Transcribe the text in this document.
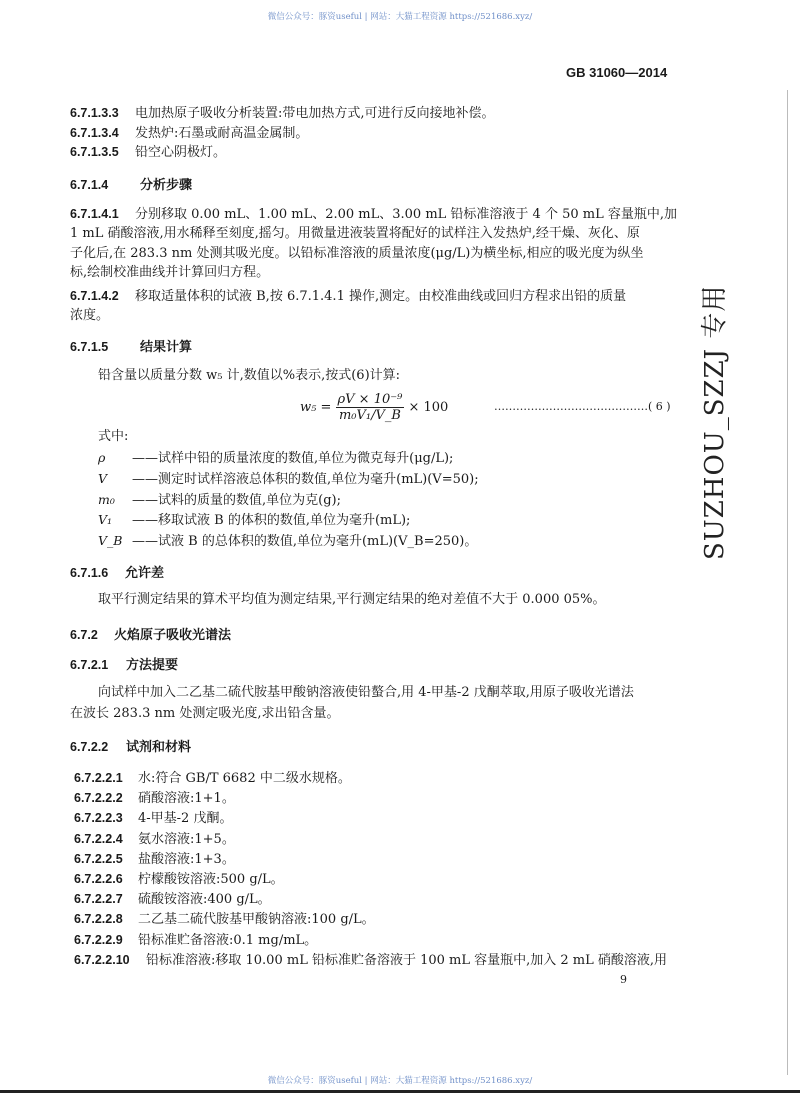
微信公众号：豚资useful | 网站：大猫工程资源 https://521686.xyz/
GB 31060—2014
6.7.1.3.3 电加热原子吸收分析装置:带电加热方式,可进行反向接地补偿。
6.7.1.3.4 发热炉:石墨或耐高温金属制。
6.7.1.3.5 铅空心阴极灯。
6.7.1.4 分析步骤
6.7.1.4.1 分别移取 0.00 mL、1.00 mL、2.00 mL、3.00 mL 铅标准溶液于 4 个 50 mL 容量瓶中,加
1 mL 硝酸溶液,用水稀释至刻度,摇匀。用微量进液装置将配好的试样注入发热炉,经干燥、灰化、原
子化后,在 283.3 nm 处测其吸光度。以铅标准溶液的质量浓度(μg/L)为横坐标,相应的吸光度为纵坐
标,绘制校准曲线并计算回归方程。
6.7.1.4.2 移取适量体积的试液 B,按 6.7.1.4.1 操作,测定。由校准曲线或回归方程求出铅的质量
浓度。
6.7.1.5 结果计算
铅含量以质量分数 w₅ 计,数值以%表示,按式(6)计算:
$w_5 = \frac{\text{ρV × 10⁻⁹}}{\text{m₀V₁/V\_B}} \times 100$	……………………………………( 6 )
式中:
ρ ——试样中铅的质量浓度的数值,单位为微克每升(μg/L);
V ——测定时试样溶液总体积的数值,单位为毫升(mL)(V=50);
m₀ ——试料的质量的数值,单位为克(g);
V₁ ——移取试液 B 的体积的数值,单位为毫升(mL);
V_B ——试液 B 的总体积的数值,单位为毫升(mL)(V_B=250)。
6.7.1.6 允许差
取平行测定结果的算术平均值为测定结果,平行测定结果的绝对差值不大于 0.000 05%。
6.7.2 火焰原子吸收光谱法
6.7.2.1 方法提要
向试样中加入二乙基二硫代胺基甲酸钠溶液使铅螯合,用 4-甲基-2 戊酮萃取,用原子吸收光谱法
在波长 283.3 nm 处测定吸光度,求出铅含量。
6.7.2.2 试剂和材料
6.7.2.2.1 水:符合 GB/T 6682 中二级水规格。
6.7.2.2.2 硝酸溶液:1+1。
6.7.2.2.3 4-甲基-2 戊酮。
6.7.2.2.4 氨水溶液:1+5。
6.7.2.2.5 盐酸溶液:1+3。
6.7.2.2.6 柠檬酸铵溶液:500 g/L。
6.7.2.2.7 硫酸铵溶液:400 g/L。
6.7.2.2.8 二乙基二硫代胺基甲酸钠溶液:100 g/L。
6.7.2.2.9 铅标准贮备溶液:0.1 mg/mL。
6.7.2.2.10 铅标准溶液:移取 10.00 mL 铅标准贮备溶液于 100 mL 容量瓶中,加入 2 mL 硝酸溶液,用
9
SUZHOU_SZZJ 专用
微信公众号：豚资useful | 网站：大猫工程资源 https://521686.xyz/
